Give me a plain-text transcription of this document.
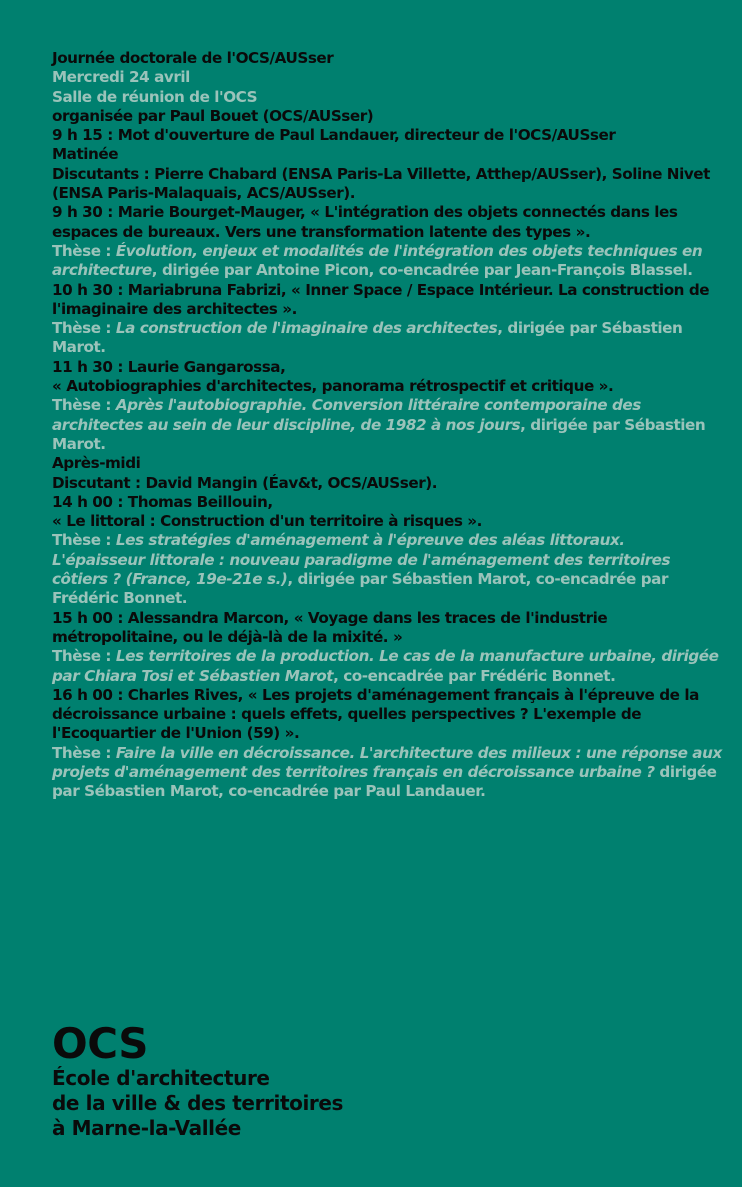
Journée doctorale de l'OCS/AUSser

Mercredi 24 avril

Salle de réunion de l'OCS

organisée par Paul Bouet (OCS/AUSser)

9 h 15 : Mot d'ouverture de Paul Landauer, directeur de l'OCS/AUSser

Matinée

Discutants : Pierre Chabard (ENSA Paris-La Villette, Atthep/AUSser), Soline Nivet (ENSA Paris-Malaquais, ACS/AUSser).

9 h 30 : Marie Bourget-Mauger, « L'intégration des objets connectés dans les espaces de bureaux. Vers une transformation latente des types ».

Thèse : Évolution, enjeux et modalités de l'intégration des objets techniques en architecture, dirigée par Antoine Picon, co-encadrée par Jean-François Blassel.

10 h 30 : Mariabruna Fabrizi, « Inner Space / Espace Intérieur. La construction de l'imaginaire des architectes ».

Thèse : La construction de l'imaginaire des architectes, dirigée par Sébastien Marot.

11 h 30 : Laurie Gangarossa,

« Autobiographies d'architectes, panorama rétrospectif et critique ».

Thèse : Après l'autobiographie. Conversion littéraire contemporaine des architectes au sein de leur discipline, de 1982 à nos jours, dirigée par Sébastien Marot.

Après-midi

Discutant : David Mangin (Éav&t, OCS/AUSser).

14 h 00 : Thomas Beillouin,

« Le littoral : Construction d'un territoire à risques ».

Thèse : Les stratégies d'aménagement à l'épreuve des aléas littoraux. L'épaisseur littorale : nouveau paradigme de l'aménagement des territoires côtiers ? (France, 19e-21e s.), dirigée par Sébastien Marot, co-encadrée par Frédéric Bonnet.

15 h 00 : Alessandra Marcon, « Voyage dans les traces de l'industrie métropolitaine, ou le déjà-là de la mixité. »

Thèse : Les territoires de la production. Le cas de la manufacture urbaine, dirigée par Chiara Tosi et Sébastien Marot, co-encadrée par Frédéric Bonnet.

16 h 00 : Charles Rives, « Les projets d'aménagement français à l'épreuve de la décroissance urbaine : quels effets, quelles perspectives ? L'exemple de l'Ecoquartier de l'Union (59) ».

Thèse : Faire la ville en décroissance. L'architecture des milieux : une réponse aux projets d'aménagement des territoires français en décroissance urbaine ? dirigée par Sébastien Marot, co-encadrée par Paul Landauer.

OCS
École d'architecture
de la ville & des territoires
à Marne-la-Vallée
